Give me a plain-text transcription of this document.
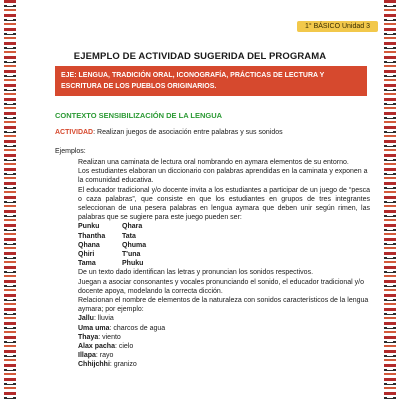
1° BÁSICO Unidad 3
EJEMPLO DE ACTIVIDAD SUGERIDA DEL PROGRAMA
EJE: LENGUA, TRADICIÓN ORAL, ICONOGRAFÍA, PRÁCTICAS DE LECTURA Y ESCRITURA DE LOS PUEBLOS ORIGINARIOS.
CONTEXTO SENSIBILIZACIÓN DE LA LENGUA
ACTIVIDAD: Realizan juegos de asociación entre palabras y sus sonidos
Ejemplos:

Realizan una caminata de lectura oral nombrando en aymara elementos de su entorno.

Los estudiantes elaboran un diccionario con palabras aprendidas en la caminata y exponen a la comunidad educativa.

El educador tradicional y/o docente invita a los estudiantes a participar de un juego de “pesca o caza palabras”, que consiste en que los estudiantes en grupos de tres integrantes seleccionan de una pesera palabras en lengua aymara que deben unir según rimen, las palabras que se sugiere para este juego pueden ser:

Punku	Qhara
Thantha	Tata
Qhana	Qhuma
Qhiri	T'una
Tama	Phuku

De un texto dado identifican las letras y pronuncian los sonidos respectivos.

Juegan a asociar consonantes y vocales pronunciando el sonido, el educador tradicional y/o docente apoya, modelando la correcta dicción.

Relacionan el nombre de elementos de la naturaleza con sonidos característicos de la lengua aymara; por ejemplo:

Jallu: lluvia

Uma uma: charcos de agua

Thaya: viento

Alax pacha: cielo

Illapa: rayo

Chhijchhi: granizo
